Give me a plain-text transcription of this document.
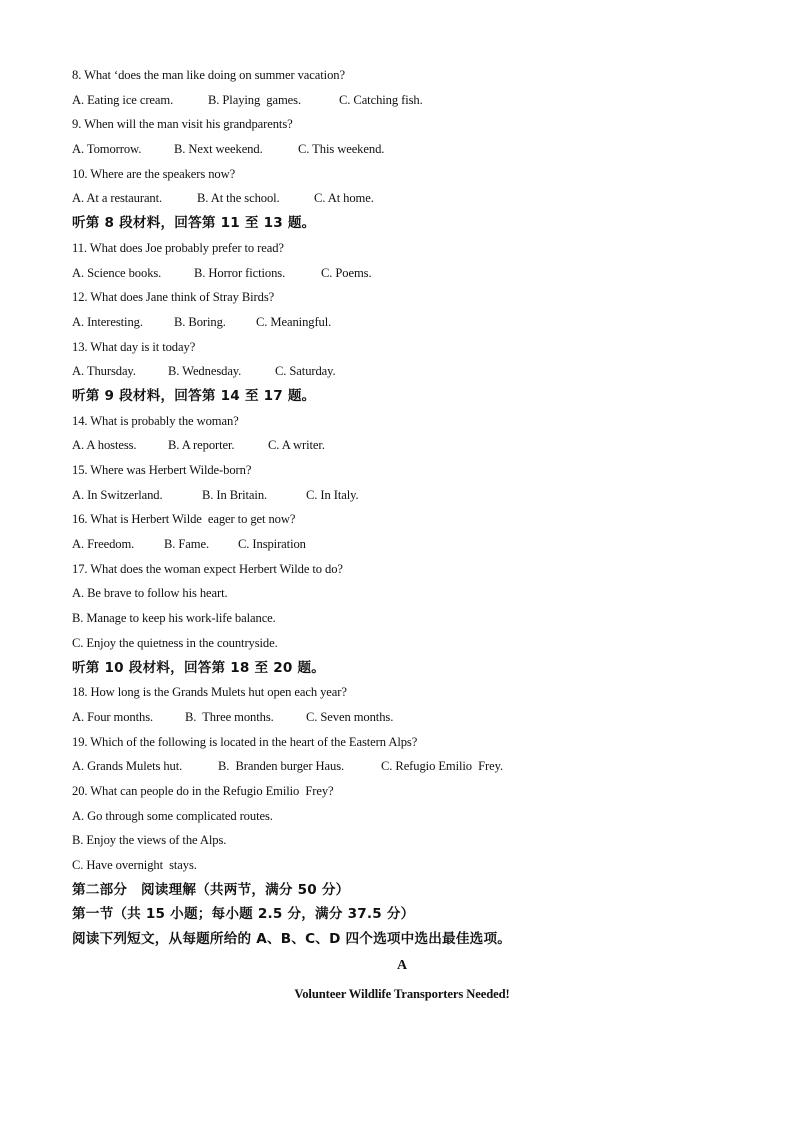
8. What ‘does the man like doing on summer vacation?
A. Eating ice cream.	B. Playing  games.	C. Catching fish.
9. When will the man visit his grandparents?
A. Tomorrow.	B. Next weekend.	C. This weekend.
10. Where are the speakers now?
A. At a restaurant.	B. At the school.	C. At home.
听第 8 段材料，回答第 11 至 13 题。
11. What does Joe probably prefer to read?
A. Science books.	B. Horror fictions.	C. Poems.
12. What does Jane think of Stray Birds?
A. Interesting. B. Boring. C. Meaningful.
13. What day is it today?
A. Thursday.	B. Wednesday.	C. Saturday.
听第 9 段材料，回答第 14 至 17 题。
14. What is probably the woman?
A. A hostess.	B. A reporter.	C. A writer.
15. Where was Herbert Wilde-born?
A. In Switzerland.	B. In Britain.	C. In Italy.
16. What is Herbert Wilde  eager to get now?
A. Freedom. B. Fame. C. Inspiration
17. What does the woman expect Herbert Wilde to do?
A. Be brave to follow his heart.
B. Manage to keep his work-life balance.
C. Enjoy the quietness in the countryside.
听第 10 段材料，回答第 18 至 20 题。
18. How long is the Grands Mulets hut open each year?
A. Four months.	B.  Three months.	C. Seven months.
19. Which of the following is located in the heart of the Eastern Alps?
A. Grands Mulets hut.	B.  Branden burger Haus.	C. Refugio Emilio  Frey.
20. What can people do in the Refugio Emilio  Frey?
A. Go through some complicated routes.
B. Enjoy the views of the Alps.
C. Have overnight  stays.
第二部分　阅读理解（共两节，满分 50 分）
第一节（共 15 小题；每小题 2.5 分，满分 37.5 分）
阅读下列短文，从每题所给的 A、B、C、D 四个选项中选出最佳选项。
A
Volunteer Wildlife Transporters Needed!
